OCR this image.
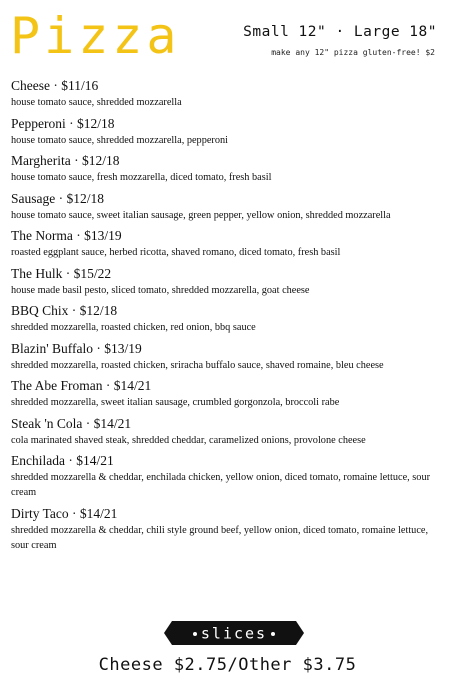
Pizza	Small 12" · Large 18"
make any 12" pizza gluten-free! $2
Cheese · $11/16
house tomato sauce, shredded mozzarella
Pepperoni · $12/18
house tomato sauce, shredded mozzarella, pepperoni
Margherita · $12/18
house tomato sauce, fresh mozzarella, diced tomato, fresh basil
Sausage · $12/18
house tomato sauce, sweet italian sausage, green pepper, yellow onion, shredded mozzarella
The Norma · $13/19
roasted eggplant sauce, herbed ricotta, shaved romano, diced tomato, fresh basil
The Hulk · $15/22
house made basil pesto, sliced tomato, shredded mozzarella, goat cheese
BBQ Chix · $12/18
shredded mozzarella, roasted chicken, red onion, bbq sauce
Blazin' Buffalo · $13/19
shredded mozzarella, roasted chicken, sriracha buffalo sauce, shaved romaine, bleu cheese
The Abe Froman · $14/21
shredded mozzarella, sweet italian sausage, crumbled gorgonzola, broccoli rabe
Steak 'n Cola · $14/21
cola marinated shaved steak, shredded cheddar, caramelized onions, provolone cheese
Enchilada · $14/21
shredded mozzarella & cheddar, enchilada chicken, yellow onion, diced tomato, romaine lettuce, sour cream
Dirty Taco · $14/21
shredded mozzarella & cheddar, chili style ground beef, yellow onion, diced tomato, romaine lettuce, sour cream
slices
Cheese $2.75/Other $3.75
